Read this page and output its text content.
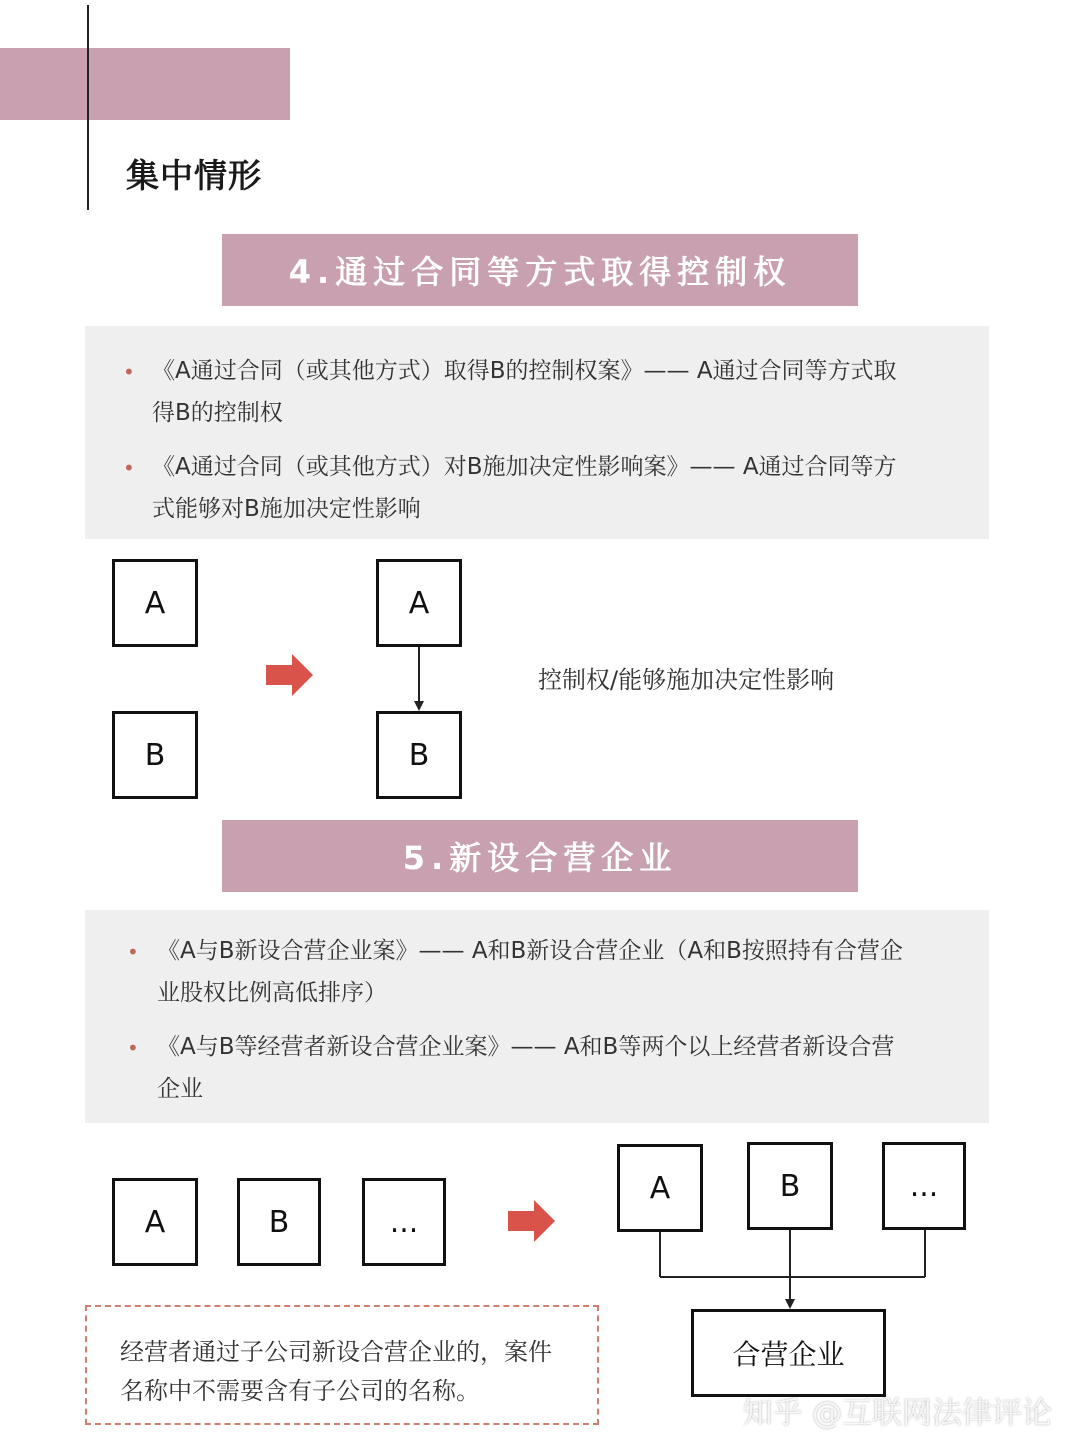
集中情形
4.通过合同等方式取得控制权
• 《A通过合同（或其他方式）取得B的控制权案》—— A通过合同等方式取
得B的控制权
• 《A通过合同（或其他方式）对B施加决定性影响案》—— A通过合同等方
式能够对B施加决定性影响
A
B
A
B
控制权/能够施加决定性影响
5.新设合营企业
• 《A与B新设合营企业案》—— A和B新设合营企业（A和B按照持有合营企
业股权比例高低排序）
• 《A与B等经营者新设合营企业案》—— A和B等两个以上经营者新设合营
企业
A	B	...
A	B	...
合营企业
经营者通过子公司新设合营企业的，案件
名称中不需要含有子公司的名称。
知乎 @互联网法律评论
